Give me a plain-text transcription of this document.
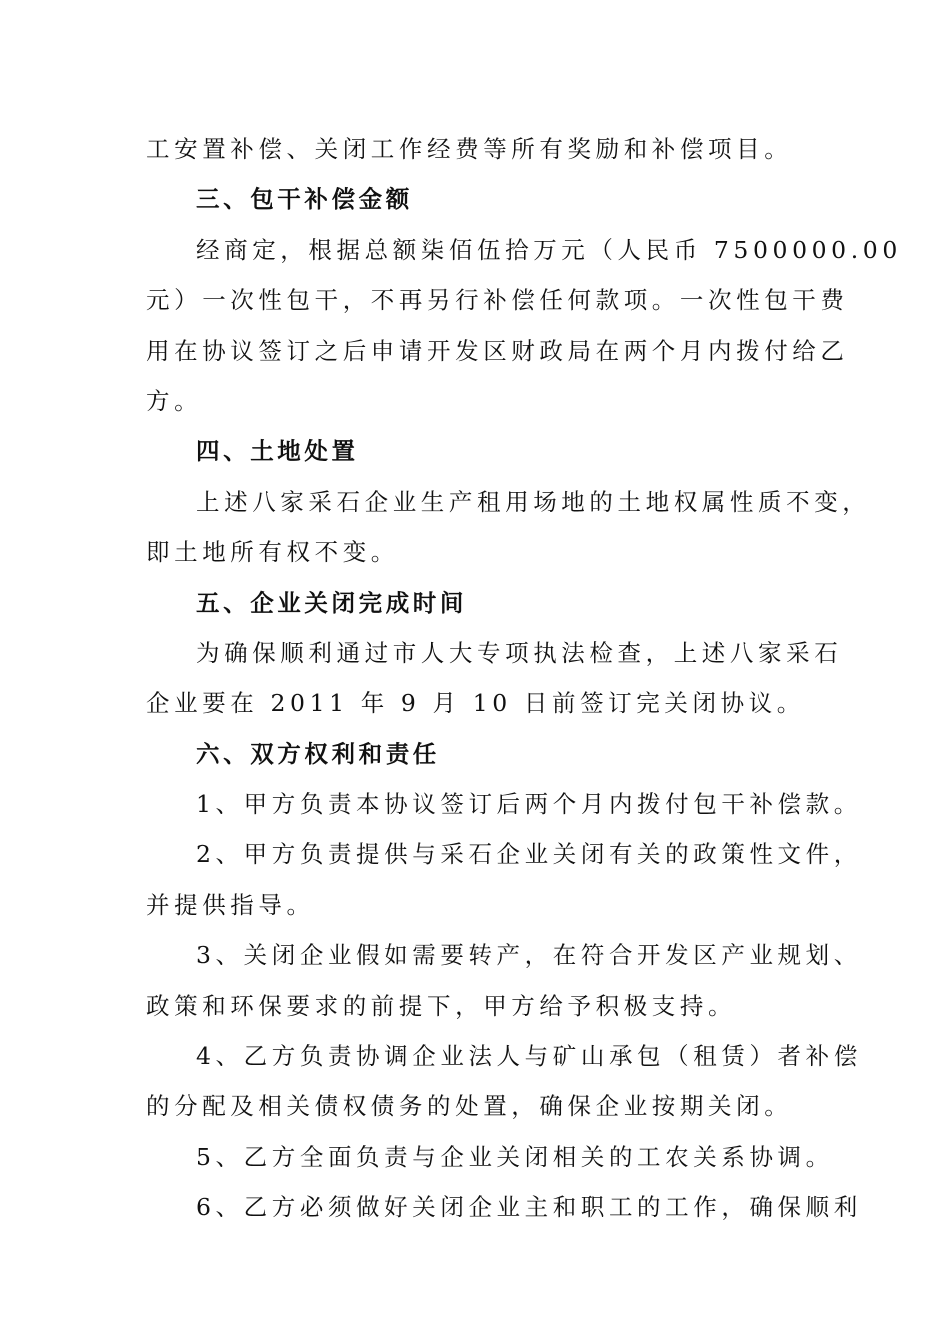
工安置补偿、关闭工作经费等所有奖励和补偿项目。
三、包干补偿金额
经商定，根据总额柒佰伍拾万元（人民币 7500000.00
元）一次性包干，不再另行补偿任何款项。一次性包干费
用在协议签订之后申请开发区财政局在两个月内拨付给乙
方。
四、土地处置
上述八家采石企业生产租用场地的土地权属性质不变，
即土地所有权不变。
五、企业关闭完成时间
为确保顺利通过市人大专项执法检查，上述八家采石
企业要在 2011 年 9 月 10 日前签订完关闭协议。
六、双方权利和责任
1、甲方负责本协议签订后两个月内拨付包干补偿款。
2、甲方负责提供与采石企业关闭有关的政策性文件，
并提供指导。
3、关闭企业假如需要转产，在符合开发区产业规划、
政策和环保要求的前提下，甲方给予积极支持。
4、乙方负责协调企业法人与矿山承包（租赁）者补偿
的分配及相关债权债务的处置，确保企业按期关闭。
5、乙方全面负责与企业关闭相关的工农关系协调。
6、乙方必须做好关闭企业主和职工的工作，确保顺利
